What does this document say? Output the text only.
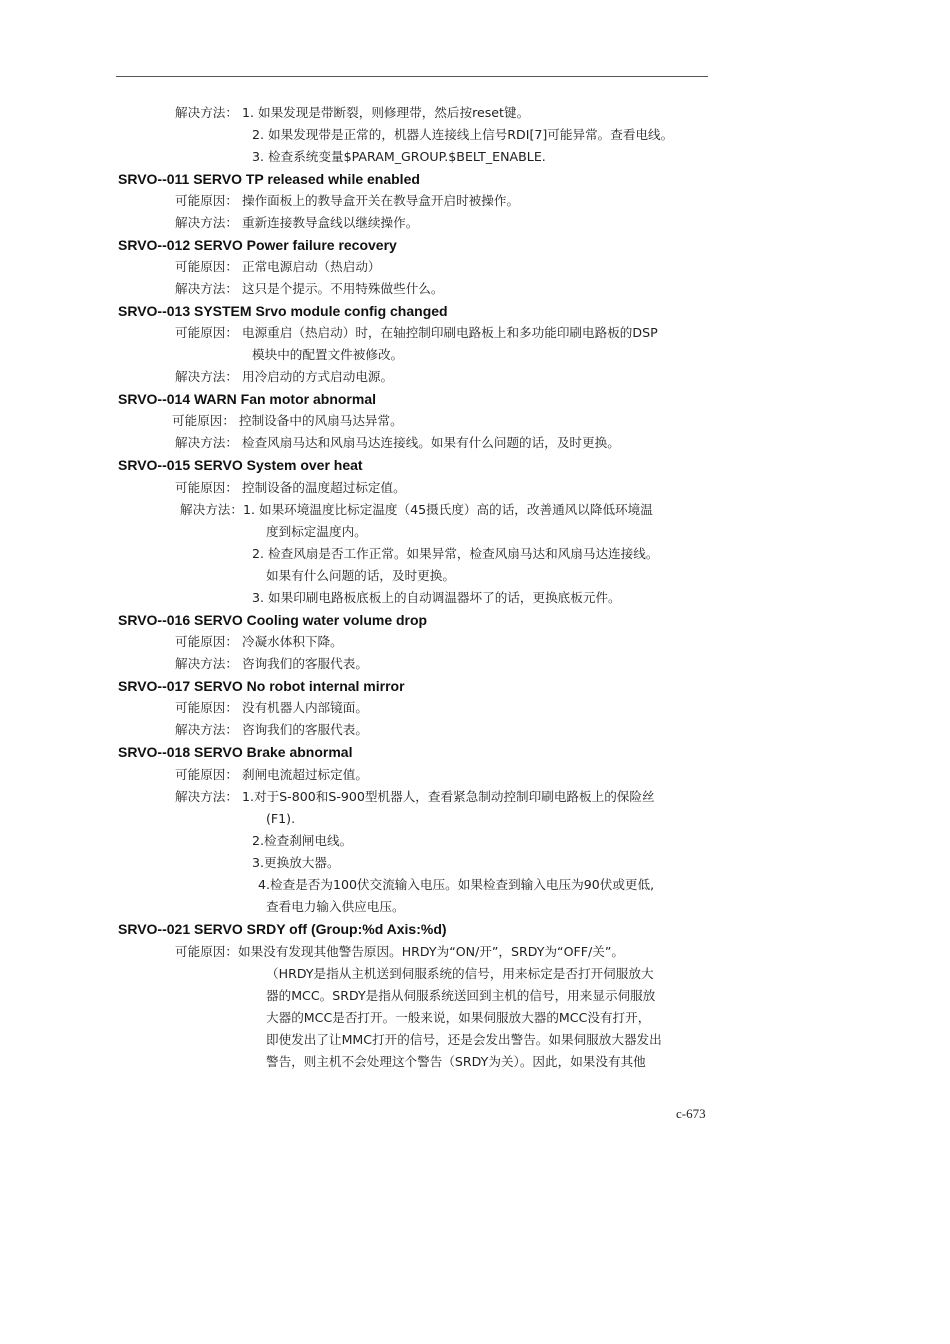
解决方法： 1. 如果发现是带断裂，则修理带，然后按reset键。
2. 如果发现带是正常的，机器人连接线上信号RDI[7]可能异常。查看电线。
3. 检查系统变量$PARAM_GROUP.$BELT_ENABLE.
SRVO--011 SERVO TP released while enabled
可能原因： 操作面板上的教导盒开关在教导盒开启时被操作。
解决方法： 重新连接教导盒线以继续操作。
SRVO--012 SERVO Power failure recovery
可能原因： 正常电源启动（热启动）
解决方法： 这只是个提示。不用特殊做些什么。
SRVO--013 SYSTEM Srvo module config changed
可能原因： 电源重启（热启动）时，在轴控制印刷电路板上和多功能印刷电路板的DSP
模块中的配置文件被修改。
解决方法： 用冷启动的方式启动电源。
SRVO--014 WARN Fan motor abnormal
可能原因： 控制设备中的风扇马达异常。
解决方法： 检查风扇马达和风扇马达连接线。如果有什么问题的话，及时更换。
SRVO--015 SERVO System over heat
可能原因： 控制设备的温度超过标定值。
解决方法：1. 如果环境温度比标定温度（45摄氏度）高的话，改善通风以降低环境温
度到标定温度内。
2. 检查风扇是否工作正常。如果异常，检查风扇马达和风扇马达连接线。
如果有什么问题的话，及时更换。
3. 如果印刷电路板底板上的自动调温器坏了的话，更换底板元件。
SRVO--016 SERVO Cooling water volume drop
可能原因： 冷凝水体积下降。
解决方法： 咨询我们的客服代表。
SRVO--017 SERVO No robot internal mirror
可能原因： 没有机器人内部镜面。
解决方法： 咨询我们的客服代表。
SRVO--018 SERVO Brake abnormal
可能原因： 刹闸电流超过标定值。
解决方法： 1.对于S-800和S-900型机器人，查看紧急制动控制印刷电路板上的保险丝
(F1).
2.检查刹闸电线。
3.更换放大器。
4.检查是否为100伏交流输入电压。如果检查到输入电压为90伏或更低,
查看电力输入供应电压。
SRVO--021 SERVO SRDY off (Group:%d Axis:%d)
可能原因：如果没有发现其他警告原因。HRDY为“ON/开”，SRDY为“OFF/关”。
（HRDY是指从主机送到伺服系统的信号，用来标定是否打开伺服放大
器的MCC。SRDY是指从伺服系统送回到主机的信号，用来显示伺服放
大器的MCC是否打开。一般来说，如果伺服放大器的MCC没有打开，
即使发出了让MMC打开的信号，还是会发出警告。如果伺服放大器发出
警告，则主机不会处理这个警告（SRDY为关）。因此，如果没有其他
c-673
